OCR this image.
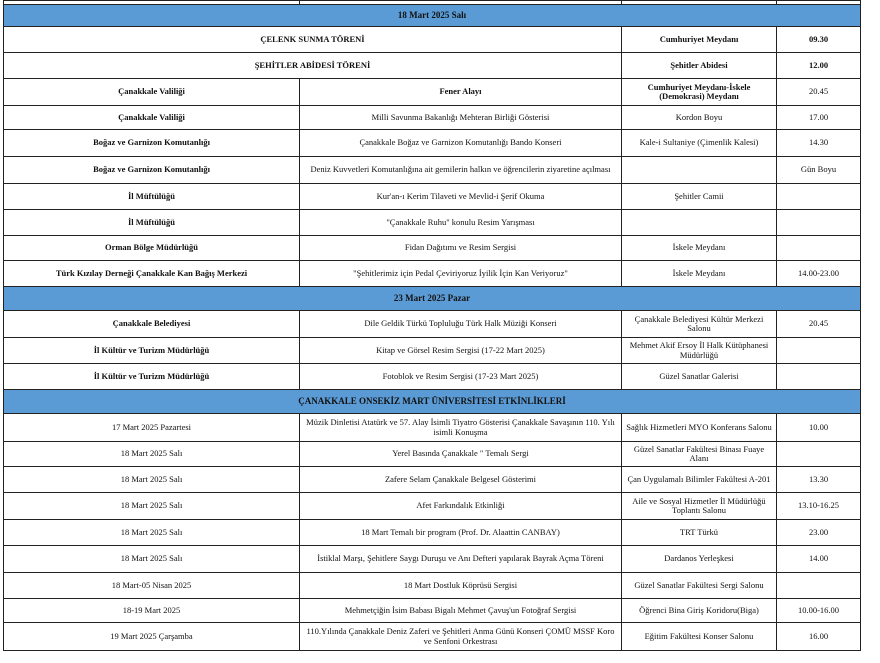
18 Mart 2025 Salı			
ÇELENK SUNMA TÖRENİ		Cumhuriyet Meydanı	09.30
ŞEHİTLER ABİDESİ TÖRENİ		Şehitler Abidesi	12.00
Çanakkale Valiliği	Fener Alayı	Cumhuriyet Meydanı-İskele (Demokrasi) Meydanı	20.45
Çanakkale Valiliği	Milli Savunma Bakanlığı Mehteran Birliği Gösterisi	Kordon Boyu	17.00
Boğaz ve Garnizon Komutanlığı	Çanakkale Boğaz ve Garnizon Komutanlığı Bando Konseri	Kale-i Sultaniye (Çimenlik Kalesi)	14.30
Boğaz ve Garnizon Komutanlığı	Deniz Kuvvetleri Komutanlığına ait gemilerin halkın ve öğrencilerin ziyaretine açılması		Gün Boyu
İl Müftülüğü	Kur'an-ı Kerim Tilaveti ve Mevlid-i Şerif Okuma	Şehitler Camii	
İl Müftülüğü	"Çanakkale Ruhu" konulu Resim Yarışması		
Orman Bölge Müdürlüğü	Fidan Dağıtımı ve Resim Sergisi	İskele Meydanı	
Türk Kızılay Derneği Çanakkale Kan Bağış Merkezi	"Şehitlerimiz için Pedal Çeviriyoruz İyilik İçin Kan Veriyoruz"	İskele Meydanı	14.00-23.00
23 Mart 2025 Pazar			
Çanakkale Belediyesi	Dile Geldik Türkü Topluluğu Türk Halk Müziği Konseri	Çanakkale Belediyesi Kültür Merkezi Salonu	20.45
İl Kültür ve Turizm Müdürlüğü	Kitap ve Görsel Resim Sergisi (17-22 Mart 2025)	Mehmet Akif Ersoy İl Halk Kütüphanesi Müdürlüğü	
İl Kültür ve Turizm Müdürlüğü	Fotoblok ve Resim Sergisi (17-23 Mart 2025)	Güzel Sanatlar Galerisi	
ÇANAKKALE ONSEKİZ MART ÜNİVERSİTESİ ETKİNLİKLERİ			
17 Mart 2025 Pazartesi	Müzik Dinletisi Atatürk ve 57. Alay İsimli Tiyatro Gösterisi Çanakkale Savaşının 110. Yılı isimli Konuşma	Sağlık Hizmetleri MYO Konferans Salonu	10.00
18 Mart 2025 Salı	Yerel Basında Çanakkale " Temalı Sergi	Güzel Sanatlar Fakültesi Binası Fuaye Alanı	
18 Mart 2025 Salı	Zafere Selam Çanakkale Belgesel Gösterimi	Çan Uygulamalı Bilimler Fakültesi A-201	13.30
18 Mart 2025 Salı	Afet Farkındalık Etkinliği	Aile ve Sosyal Hizmetler İl Müdürlüğü Toplantı Salonu	13.10-16.25
18 Mart 2025 Salı	18 Mart Temalı bir program (Prof. Dr. Alaattin CANBAY)	TRT Türkü	23.00
18 Mart 2025 Salı	İstiklal Marşı, Şehitlere Saygı Duruşu ve Anı Defteri yapılarak Bayrak Açma Töreni	Dardanos Yerleşkesi	14.00
18 Mart-05 Nisan 2025	18 Mart Dostluk Köprüsü Sergisi	Güzel Sanatlar Fakültesi Sergi Salonu	
18-19 Mart 2025	Mehmetçiğin İsim Babası Bigalı Mehmet Çavuş'un Fotoğraf Sergisi	Öğrenci Bina Giriş Koridoru(Biga)	10.00-16.00
19 Mart 2025 Çarşamba	110.Yılında Çanakkale Deniz Zaferi ve Şehitleri Anma Günü Konseri ÇOMÜ MSSF Koro ve Senfoni Orkestrası	Eğitim Fakültesi Konser Salonu	16.00
